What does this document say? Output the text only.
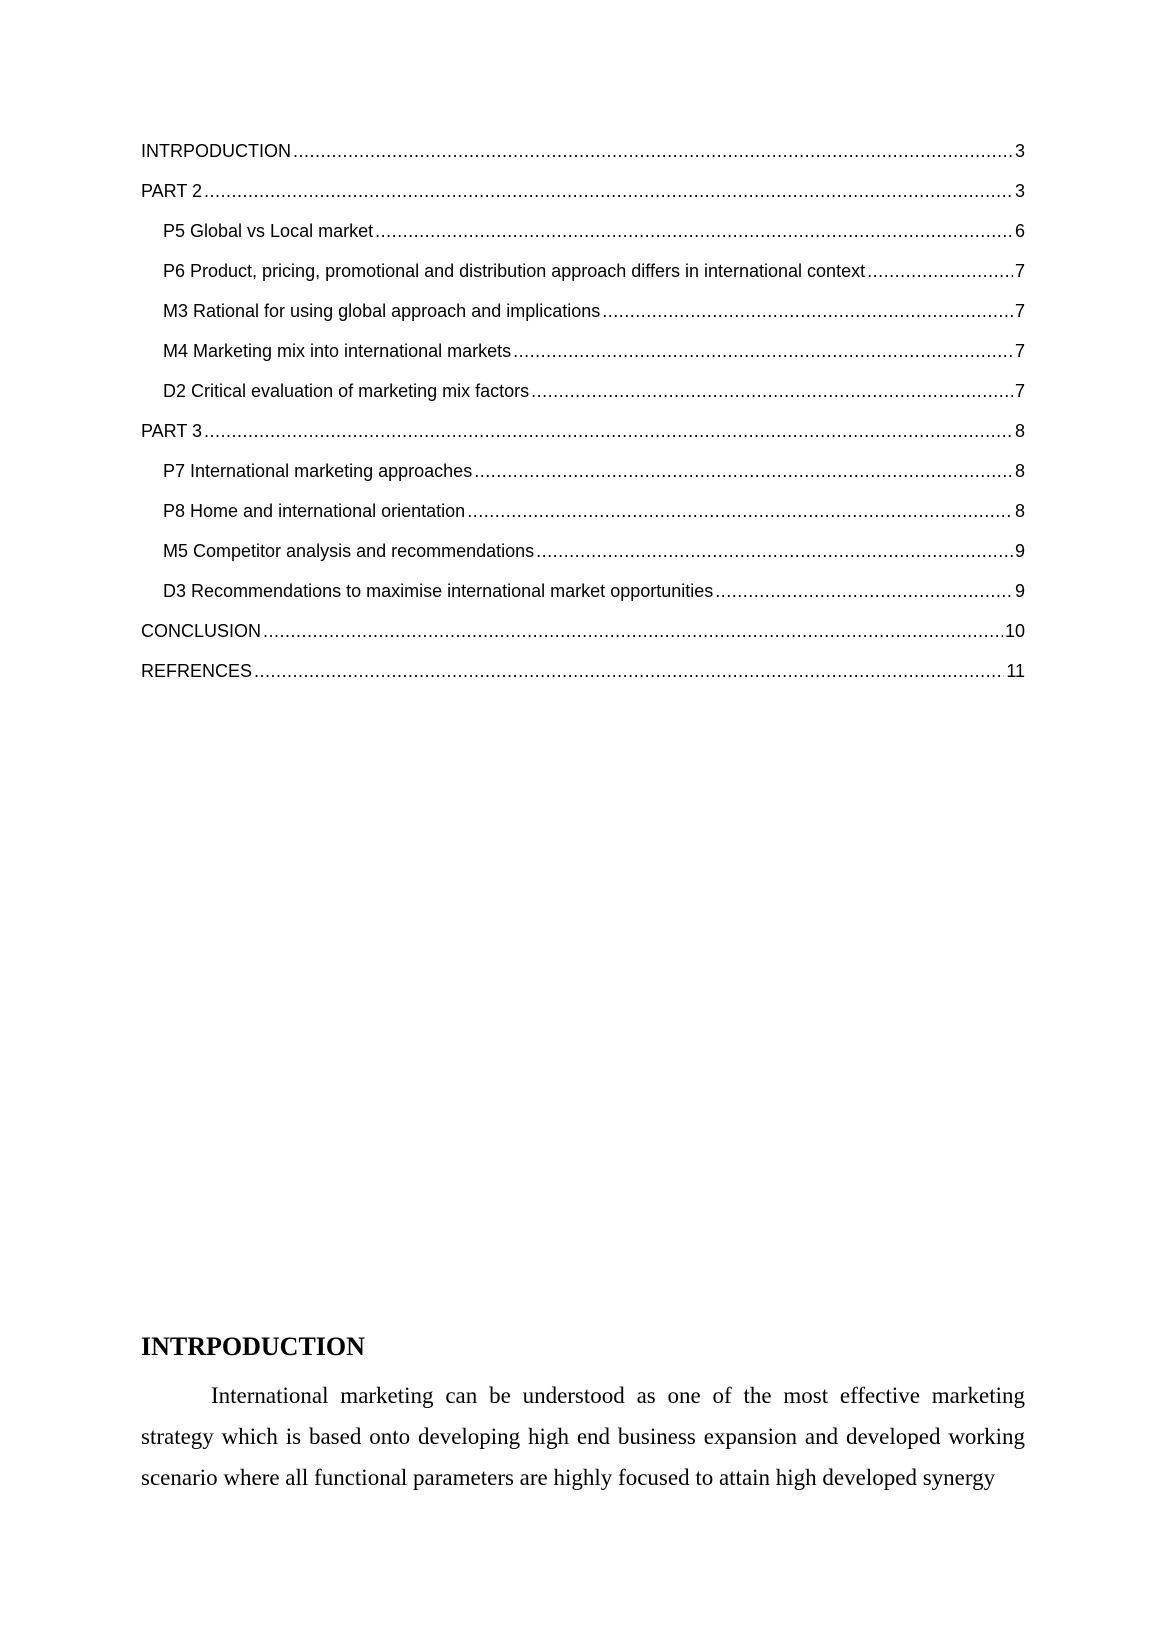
INTRPODUCTION .....	3
PART 2 .....	3
P5 Global vs Local market .....	6
P6 Product, pricing, promotional and distribution approach differs in international context .....	7
M3 Rational for using global approach and implications .....	7
M4 Marketing mix into international markets .....	7
D2 Critical evaluation of marketing mix factors .....	7
PART 3 .....	8
P7 International marketing approaches .....	8
P8 Home and international orientation .....	8
M5 Competitor analysis and recommendations .....	9
D3 Recommendations to maximise international market opportunities .....	9
CONCLUSION .....	10
REFRENCES .....	11
INTRPODUCTION

International marketing can be understood as one of the most effective marketing strategy which is based onto developing high end business expansion and developed working scenario where all functional parameters are highly focused to attain high developed synergy
